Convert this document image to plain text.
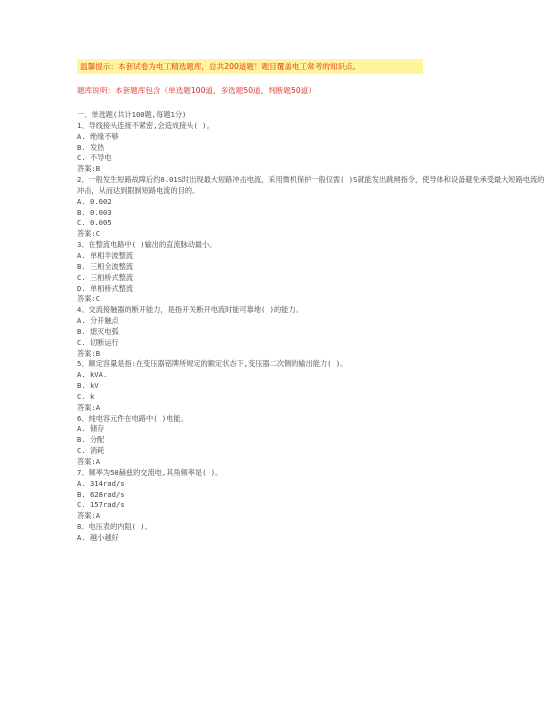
温馨提示：本套试卷为电工精选题库，总共200道题！题目覆盖电工常考的知识点。
题库说明：本套题库包含（单选题100道，多选题50道，判断题50道）
一、单选题(共计100题,每题1分)
1、导线接头连接不紧密,会造成接头( )。
A. 绝缘不够
B. 发热
C. 不导电
答案:B
2、一般发生短路故障后约0.01S时出现最大短路冲击电流，采用微机保护一般仅需( )S就能发出跳闸指令，使导体和设备避免承受最大短路电流的
冲击，从而达到限制短路电流的目的。
A. 0.002
B. 0.003
C. 0.005
答案:C
3、在整流电路中( )输出的直流脉动最小。
A. 单相半波整流
B. 三相全波整流
C. 三相桥式整流
D. 单相桥式整流
答案:C
4、交流接触器的断开能力，是指开关断开电流时能可靠地( )的能力。
A. 分开触点
B. 熄灭电弧
C. 切断运行
答案:B
5、额定容量是指:在变压器铭牌所规定的额定状态下,变压器二次侧的输出能力( )。
A. kVA.
B. kV
C. k
答案:A
6、纯电容元件在电路中( )电能。
A. 储存
B. 分配
C. 消耗
答案:A
7、频率为50赫兹的交流电,其角频率是( )。
A. 314rad/s
B. 628rad/s
C. 157rad/s
答案:A
8、电压表的内阻( )。
A. 越小越好
